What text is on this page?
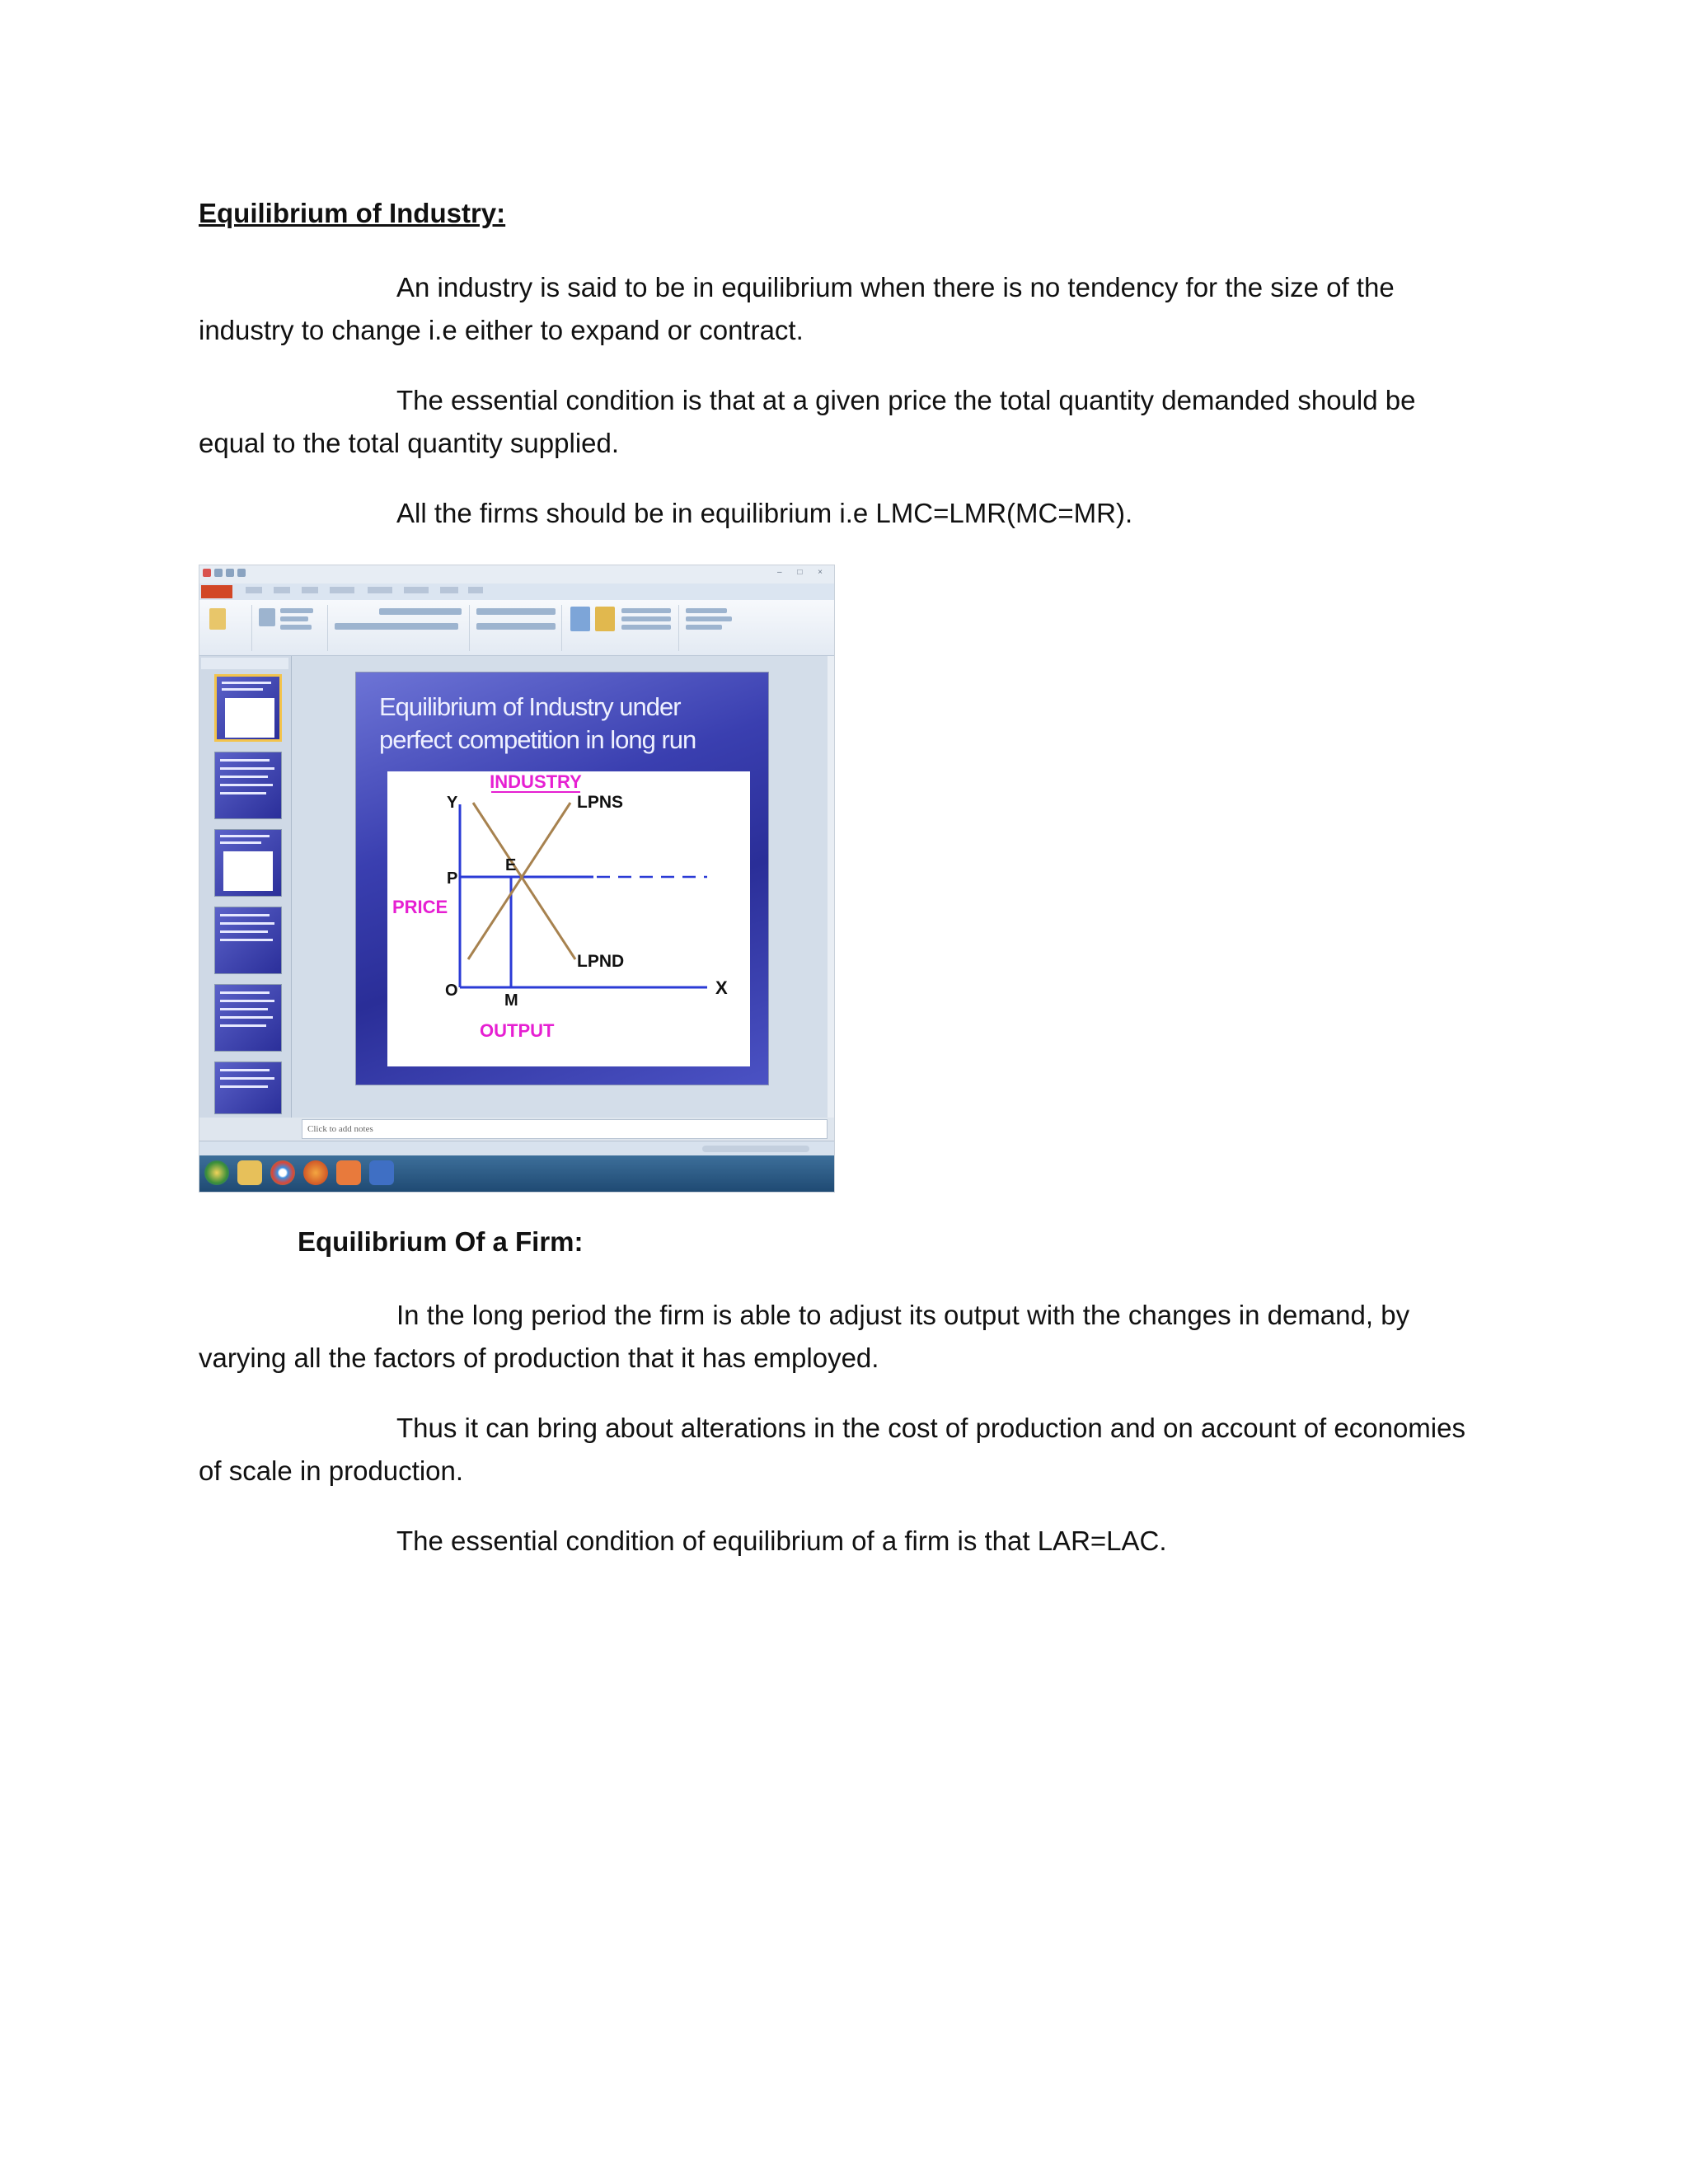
Equilibrium of Industry:
An industry is said to be in equilibrium when there is no tendency for the size of the industry to change i.e either to expand or contract.
The essential condition is that at a given price the total quantity demanded should be equal to the total quantity supplied.
All the firms should be in equilibrium i.e LMC=LMR(MC=MR).
– □ ×
Equilibrium of Industry under perfect competition in long run
INDUSTRY
Y
X
O
P
E
M
LPNS
LPND
PRICE
OUTPUT
Click to add notes
Equilibrium Of a Firm:
In the long period the firm is able to adjust its output with the changes in demand, by varying all the factors of production that it has employed.
Thus it can bring about alterations in the cost of production and on account of economies of scale in production.
The essential condition of equilibrium of a firm is that LAR=LAC.
